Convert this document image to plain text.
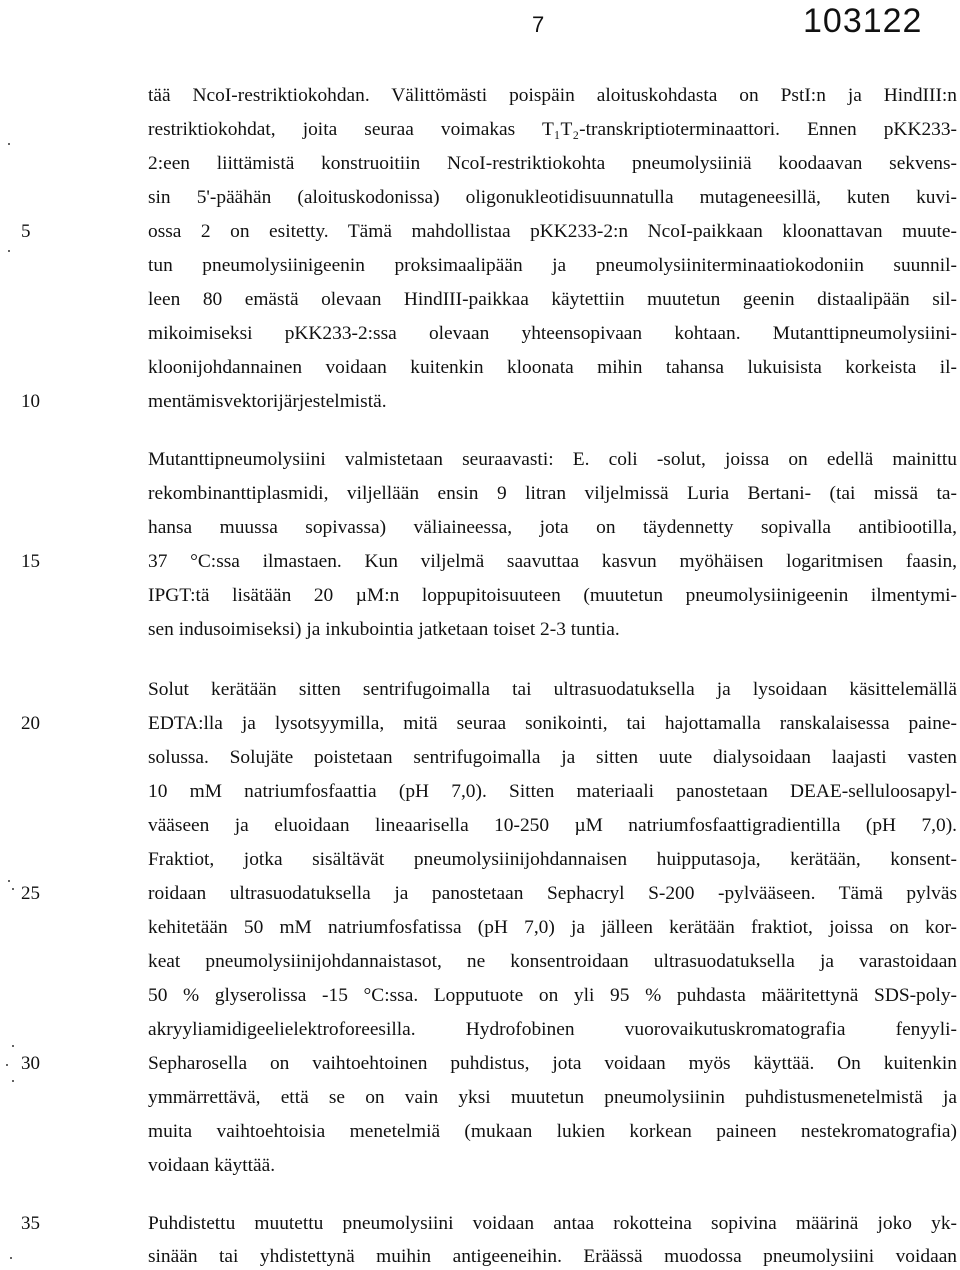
7	103122
tää NcoI-restriktiokohdan. Välittömästi poispäin aloituskohdasta on PstI:n ja HindIII:n
restriktiokohdat, joita seuraa voimakas T₁T₂-transkriptioterminaattori. Ennen pKK233-
2:een liittämistä konstruoitiin NcoI-restriktiokohta pneumolysiiniä koodaavan sekvens-
sin 5'-päähän (aloituskodonissa) oligonukleotidisuunnatulla mutageneesillä, kuten kuvi-
ossa 2 on esitetty. Tämä mahdollistaa pKK233-2:n NcoI-paikkaan kloonattavan muute-
tun pneumolysiinigeenin proksimaalipään ja pneumolysiiniterminaatiokodoniin suunnil-
leen 80 emästä olevaan HindIII-paikkaa käytettiin muutetun geenin distaalipään sil-
mikoimiseksi pKK233-2:ssa olevaan yhteensopivaan kohtaan. Mutanttipneumolysiini-
kloonijohdannainen voidaan kuitenkin kloonata mihin tahansa lukuisista korkeista il-
mentämisvektorijärjestelmistä.
Mutanttipneumolysiini valmistetaan seuraavasti: E. coli -solut, joissa on edellä mainittu
rekombinanttiplasmidi, viljellään ensin 9 litran viljelmissä Luria Bertani- (tai missä ta-
hansa muussa sopivassa) väliaineessa, jota on täydennetty sopivalla antibiootilla,
37 °C:ssa ilmastaen. Kun viljelmä saavuttaa kasvun myöhäisen logaritmisen faasin,
IPGT:tä lisätään 20 µM:n loppupitoisuuteen (muutetun pneumolysiinigeenin ilmentymi-
sen indusoimiseksi) ja inkubointia jatketaan toiset 2-3 tuntia.
Solut kerätään sitten sentrifugoimalla tai ultrasuodatuksella ja lysoidaan käsittelemällä
EDTA:lla ja lysotsyymilla, mitä seuraa sonikointi, tai hajottamalla ranskalaisessa paine-
solussa. Solujäte poistetaan sentrifugoimalla ja sitten uute dialysoidaan laajasti vasten
10 mM natriumfosfaattia (pH 7,0). Sitten materiaali panostetaan DEAE-selluloosapyl-
vääseen ja eluoidaan lineaarisella 10-250 µM natriumfosfaattigradientilla (pH 7,0).
Fraktiot, jotka sisältävät pneumolysiinijohdannaisen huipputasoja, kerätään, konsent-
roidaan ultrasuodatuksella ja panostetaan Sephacryl S-200 -pylvääseen. Tämä pylväs
kehitetään 50 mM natriumfosfatissa (pH 7,0) ja jälleen kerätään fraktiot, joissa on kor-
keat pneumolysiinijohdannaistasot, ne konsentroidaan ultrasuodatuksella ja varastoidaan
50 % glyserolissa -15 °C:ssa. Lopputuote on yli 95 % puhdasta määritettynä SDS-poly-
akryyliamidigeelielektroforeesilla. Hydrofobinen vuorovaikutuskromatografia fenyyli-
Sepharosella on vaihtoehtoinen puhdistus, jota voidaan myös käyttää. On kuitenkin
ymmärrettävä, että se on vain yksi muutetun pneumolysiinin puhdistusmenetelmistä ja
muita vaihtoehtoisia menetelmiä (mukaan lukien korkean paineen nestekromatografia)
voidaan käyttää.
Puhdistettu muutettu pneumolysiini voidaan antaa rokotteina sopivina määrinä joko yk-
sinään tai yhdistettynä muihin antigeeneihin. Eräässä muodossa pneumolysiini voidaan
5
10
15
20
25
30
35
